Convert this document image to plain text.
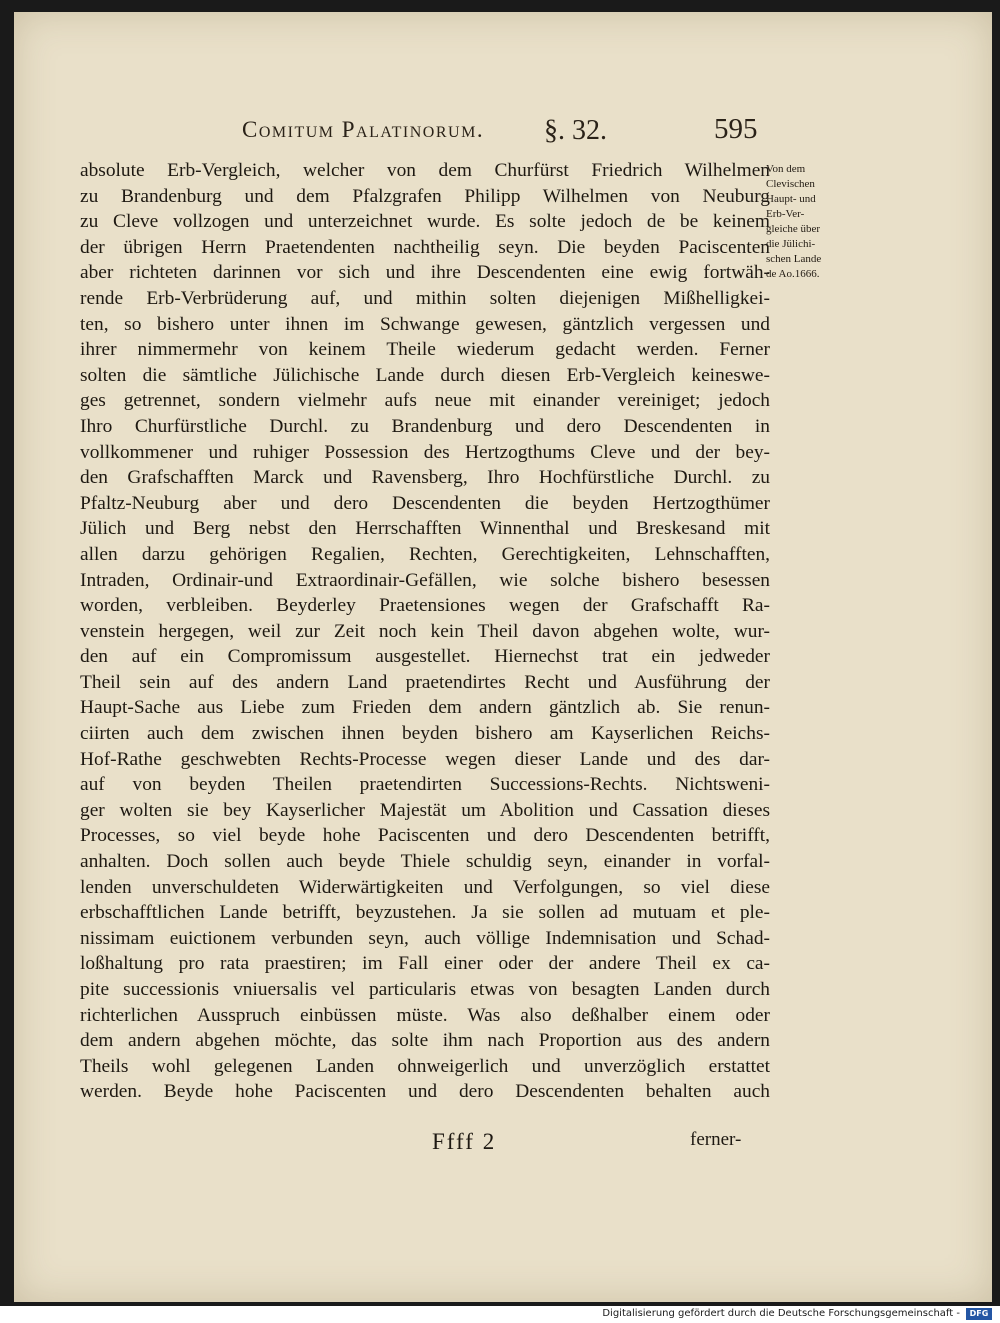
Comitum Palatinorum. §. 32.	595
absolute Erb-Vergleich, welcher von dem Churfürst Friedrich Wilhelmen
zu Brandenburg und dem Pfalzgrafen Philipp Wilhelmen von Neuburg
zu Cleve vollzogen und unterzeichnet wurde. Es solte jedoch de be keinem
der übrigen Herrn Praetendenten nachtheilig seyn. Die beyden Paciscenten
aber richteten darinnen vor sich und ihre Descendenten eine ewig fortwäh-
rende Erb-Verbrüderung auf, und mithin solten diejenigen Mißhelligkei-
ten, so bishero unter ihnen im Schwange gewesen, gäntzlich vergessen und
ihrer nimmermehr von keinem Theile wiederum gedacht werden. Ferner
solten die sämtliche Jülichische Lande durch diesen Erb-Vergleich keineswe-
ges getrennet, sondern vielmehr aufs neue mit einander vereiniget; jedoch
Ihro Churfürstliche Durchl. zu Brandenburg und dero Descendenten in
vollkommener und ruhiger Possession des Hertzogthums Cleve und der bey-
den Grafschafften Marck und Ravensberg, Ihro Hochfürstliche Durchl. zu
Pfaltz-Neuburg aber und dero Descendenten die beyden Hertzogthümer
Jülich und Berg nebst den Herrschafften Winnenthal und Breskesand mit
allen darzu gehörigen Regalien, Rechten, Gerechtigkeiten, Lehnschafften,
Intraden, Ordinair-und Extraordinair-Gefällen, wie solche bishero besessen
worden, verbleiben. Beyderley Praetensiones wegen der Grafschafft Ra-
venstein hergegen, weil zur Zeit noch kein Theil davon abgehen wolte, wur-
den auf ein Compromissum ausgestellet. Hiernechst trat ein jedweder
Theil sein auf des andern Land praetendirtes Recht und Ausführung der
Haupt-Sache aus Liebe zum Frieden dem andern gäntzlich ab. Sie renun-
ciirten auch dem zwischen ihnen beyden bishero am Kayserlichen Reichs-
Hof-Rathe geschwebten Rechts-Processe wegen dieser Lande und des dar-
auf von beyden Theilen praetendirten Successions-Rechts. Nichtsweni-
ger wolten sie bey Kayserlicher Majestät um Abolition und Cassation dieses
Processes, so viel beyde hohe Paciscenten und dero Descendenten betrifft,
anhalten. Doch sollen auch beyde Thiele schuldig seyn, einander in vorfal-
lenden unverschuldeten Widerwärtigkeiten und Verfolgungen, so viel diese
erbschafftlichen Lande betrifft, beyzustehen. Ja sie sollen ad mutuam et ple-
nissimam euictionem verbunden seyn, auch völlige Indemnisation und Schad-
loßhaltung pro rata praestiren; im Fall einer oder der andere Theil ex ca-
pite successionis vniuersalis vel particularis etwas von besagten Landen durch
richterlichen Ausspruch einbüssen müste. Was also deßhalber einem oder
dem andern abgehen möchte, das solte ihm nach Proportion aus des andern
Theils wohl gelegenen Landen ohnweigerlich und unverzöglich erstattet
werden. Beyde hohe Paciscenten und dero Descendenten behalten auch
Von dem
Clevischen
Haupt- und
Erb-Ver-
gleiche über
die Jülichi-
schen Lande
de Ao.1666.
Ffff 2	ferner-
Digitalisierung gefördert durch die Deutsche Forschungsgemeinschaft -	DFG
